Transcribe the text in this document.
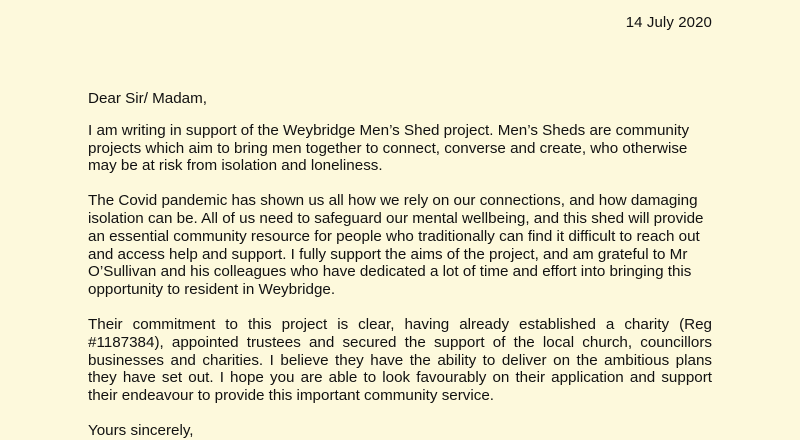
14 July 2020

Dear Sir/ Madam,

I am writing in support of the Weybridge Men’s Shed project. Men’s Sheds are community projects which aim to bring men together to connect, converse and create, who otherwise may be at risk from isolation and loneliness.

The Covid pandemic has shown us all how we rely on our connections, and how damaging isolation can be. All of us need to safeguard our mental wellbeing, and this shed will provide an essential community resource for people who traditionally can find it difficult to reach out and access help and support. I fully support the aims of the project, and am grateful to Mr O’Sullivan and his colleagues who have dedicated a lot of time and effort into bringing this opportunity to resident in Weybridge.

Their commitment to this project is clear, having already established a charity (Reg #1187384), appointed trustees and secured the support of the local church, councillors businesses and charities. I believe they have the ability to deliver on the ambitious plans they have set out. I hope you are able to look favourably on their application and support their endeavour to provide this important community service.

Yours sincerely,
